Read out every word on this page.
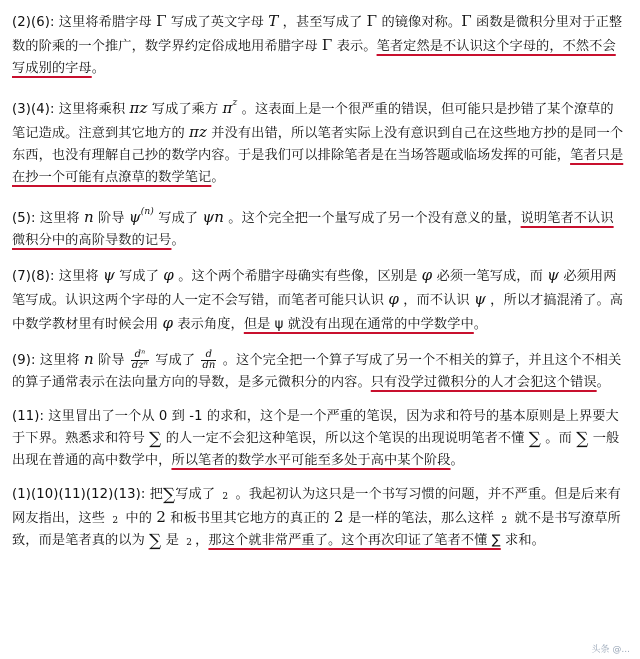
(2)(6): 这里将希腊字母 Γ 写成了英文字母 T ，甚至写成了 Γ 的镜像对称。Γ 函数是微积分里对于正整数的阶乘的一个推广，数学界约定俗成地用希腊字母 Γ 表示。笔者定然是不认识这个字母的，不然不会写成别的字母。

(3)(4): 这里将乘积 πz 写成了乘方 $\pi^z$ 。这表面上是一个很严重的错误，但可能只是抄错了某个潦草的笔记造成。注意到其它地方的 πz 并没有出错，所以笔者实际上没有意识到自己在这些地方抄的是同一个东西，也没有理解自己抄的数学内容。于是我们可以排除笔者是在当场答题或临场发挥的可能，笔者只是在抄一个可能有点潦草的数学笔记。

(5): 这里将 n 阶导 $\psi^{(n)}$ 写成了 ψn 。这个完全把一个量写成了另一个没有意义的量，说明笔者不认识微积分中的高阶导数的记号。

(7)(8): 这里将 ψ 写成了 φ 。这个两个希腊字母确实有些像，区别是 φ 必须一笔写成，而 ψ 必须用两笔写成。认识这两个字母的人一定不会写错，而笔者可能只认识 φ ，而不认识 ψ ，所以才搞混淆了。高中数学教材里有时候会用 φ 表示角度，但是 ψ 就没有出现在通常的中学数学中。

(9): 这里将 n 阶导 $\frac{\text{dⁿ}}{\text{dzⁿ}}$ 写成了 $\frac{d}{dn}$ 。这个完全把一个算子写成了另一个不相关的算子，并且这个不相关的算子通常表示在法向量方向的导数，是多元微积分的内容。只有没学过微积分的人才会犯这个错误。

(11): 这里冒出了一个从 0 到 -1 的求和，这个是一个严重的笔误，因为求和符号的基本原则是上界要大于下界。熟悉求和符号 ∑ 的人一定不会犯这种笔误，所以这个笔误的出现说明笔者不懂 ∑ 。而 ∑ 一般出现在普通的高中数学中，所以笔者的数学水平可能至多处于高中某个阶段。

(1)(10)(11)(12)(13): 把∑写成了 2 。我起初认为这只是一个书写习惯的问题，并不严重。但是后来有网友指出，这些 2 中的 2 和板书里其它地方的真正的 2 是一样的笔法，那么这样 2 就不是书写潦草所致，而是笔者真的以为 ∑ 是 2 ，那这个就非常严重了。这个再次印证了笔者不懂 ∑ 求和。

头条 @...
